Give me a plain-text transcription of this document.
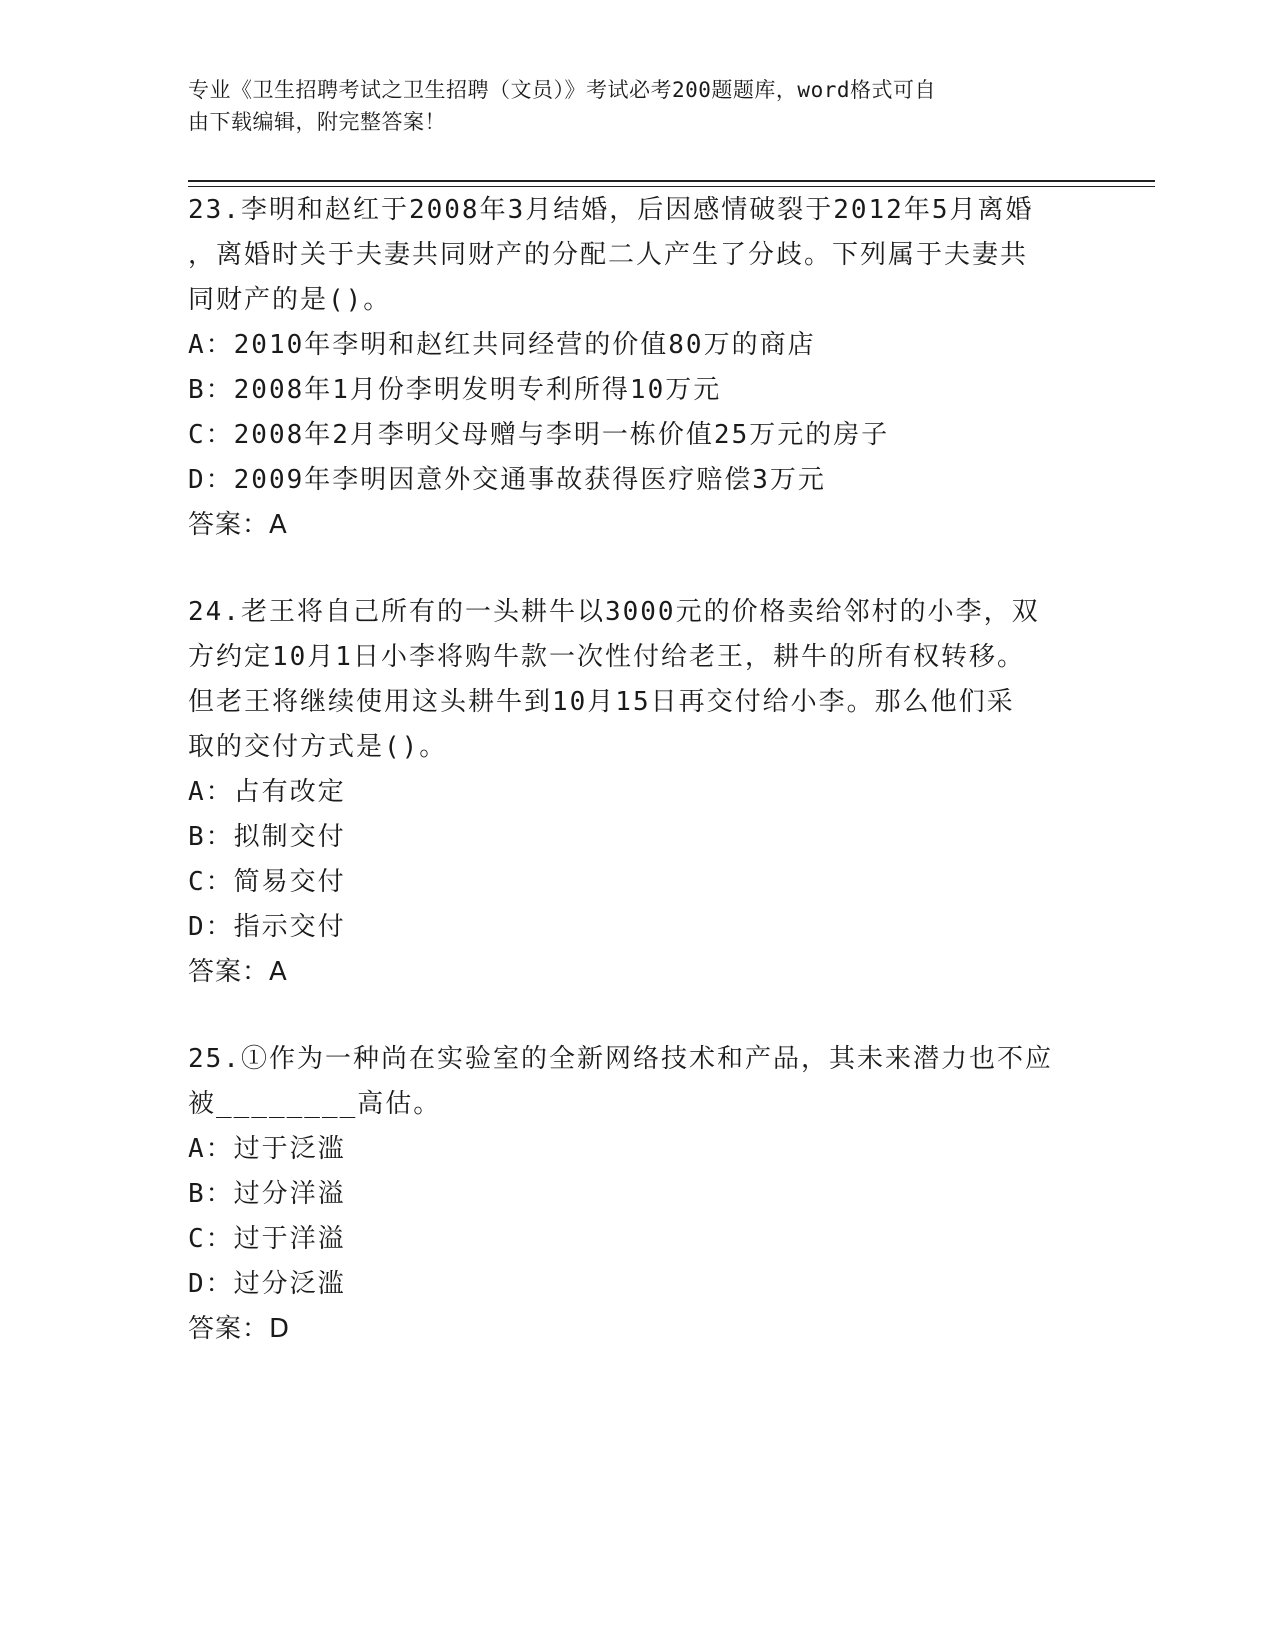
专业《卫生招聘考试之卫生招聘（文员）》考试必考200题题库，word格式可自
由下载编辑，附完整答案！
23.李明和赵红于2008年3月结婚，后因感情破裂于2012年5月离婚
，离婚时关于夫妻共同财产的分配二人产生了分歧。下列属于夫妻共
同财产的是()。
A：2010年李明和赵红共同经营的价值80万的商店
B：2008年1月份李明发明专利所得10万元
C：2008年2月李明父母赠与李明一栋价值25万元的房子
D：2009年李明因意外交通事故获得医疗赔偿3万元
答案：A
24.老王将自己所有的一头耕牛以3000元的价格卖给邻村的小李，双
方约定10月1日小李将购牛款一次性付给老王，耕牛的所有权转移。
但老王将继续使用这头耕牛到10月15日再交付给小李。那么他们采
取的交付方式是()。
A：占有改定
B：拟制交付
C：简易交付
D：指示交付
答案：A
25.①作为一种尚在实验室的全新网络技术和产品，其未来潜力也不应
被________高估。
A：过于泛滥
B：过分洋溢
C：过于洋溢
D：过分泛滥
答案：D
